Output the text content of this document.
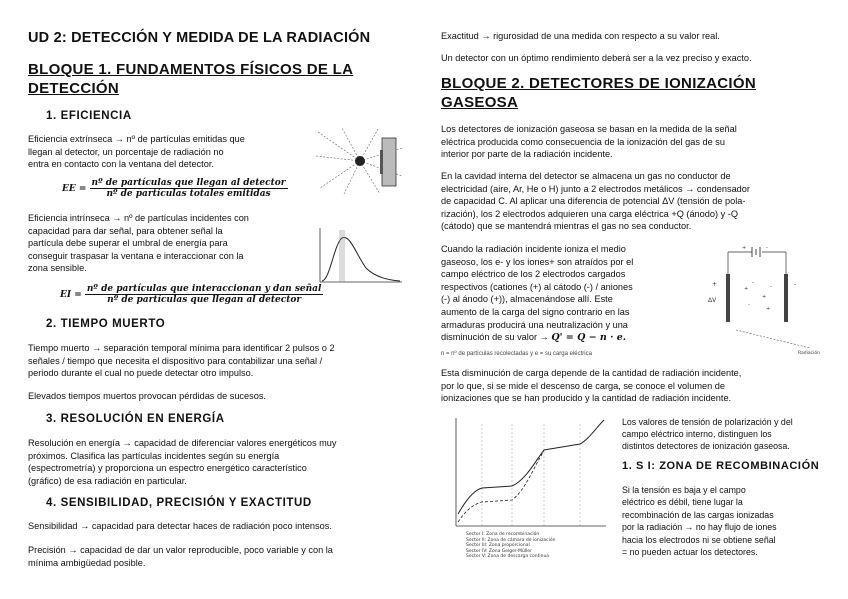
UD 2: DETECCIÓN Y MEDIDA DE LA RADIACIÓN
BLOQUE 1. FUNDAMENTOS FÍSICOS DE LA
DETECCIÓN
1. EFICIENCIA
Eficiencia extrínseca → nº de partículas emitidas que
llegan al detector, un porcentaje de radiación no
entra en contacto con la ventana del detector.
EE = $\frac{\text{nº de partículas que llegan al detector}}{\text{nº de partículas totales emitidas}}$
Eficiencia intrínseca → nº de partículas incidentes con
capacidad para dar señal, para obtener señal la
partícula debe superar el umbral de energía para
conseguir traspasar la ventana e interaccionar con la
zona sensible.
EI = $\frac{\text{nº de partículas que interaccionan y dan señal}}{\text{nº de partículas que llegan al detector}}$
2. TIEMPO MUERTO
Tiempo muerto → separación temporal mínima para identificar 2 pulsos o 2
señales / tiempo que necesita el dispositivo para contabilizar una señal /
periodo durante el cual no puede detectar otro impulso.
Elevados tiempos muertos provocan pérdidas de sucesos.
3. RESOLUCIÓN EN ENERGÍA
Resolución en energía → capacidad de diferenciar valores energéticos muy
próximos. Clasifica las partículas incidentes según su energía
(espectrometría) y proporciona un espectro energético característico
(gráfico) de esa radiación en particular.
4. SENSIBILIDAD, PRECISIÓN Y EXACTITUD
Sensibilidad → capacidad para detectar haces de radiación poco intensos.
Precisión → capacidad de dar un valor reproducible, poco variable y con la
mínima ambigüedad posible.
Exactitud → rigurosidad de una medida con respecto a su valor real.
Un detector con un óptimo rendimiento deberá ser a la vez preciso y exacto.
BLOQUE 2. DETECTORES DE IONIZACIÓN
GASEOSA
Los detectores de ionización gaseosa se basan en la medida de la señal
eléctrica producida como consecuencia de la ionización del gas de su
interior por parte de la radiación incidente.
En la cavidad interna del detector se almacena un gas no conductor de
electricidad (aire, Ar, He o H) junto a 2 electrodos metálicos → condensador
de capacidad C. Al aplicar una diferencia de potencial ΔV (tensión de pola-
rización), los 2 electrodos adquieren una carga eléctrica +Q (ánodo) y -Q
(cátodo) que se mantendrá mientras el gas no sea conductor.
Cuando la radiación incidente ioniza el medio
gaseoso, los e- y los iones+ son atraídos por el
campo eléctrico de los 2 electrodos cargados
respectivos (cationes (+) al cátodo (-) / aniones
(-) al ánodo (+)), almacenándose allí. Este
aumento de la carga del signo contrario en las
armaduras producirá una neutralización y una
disminución de su valor → Q' = Q − n · e.
n = nº de partículas recolectadas y e = su carga eléctrica
+	-
ΔV
+	-
+
-
+
-
-
+
Radiación
Esta disminución de carga depende de la cantidad de radiación incidente,
por lo que, si se mide el descenso de carga, se conoce el volumen de
ionizaciones que se han producido y la cantidad de radiación incidente.
Sector I: Zona de recombinación
Sector II: Zona de cámara de ionización
Sector III: Zona proporcional
Sector IV: Zona Geiger-Müller
Sector V: Zona de descarga continua
Los valores de tensión de polarización y del
campo eléctrico interno, distinguen los
distintos detectores de ionización gaseosa.
1. S I: ZONA DE RECOMBINACIÓN
Si la tensión es baja y el campo
eléctrico es débil, tiene lugar la
recombinación de las cargas ionizadas
por la radiación → no hay flujo de iones
hacia los electrodos ni se obtiene señal
= no pueden actuar los detectores.
